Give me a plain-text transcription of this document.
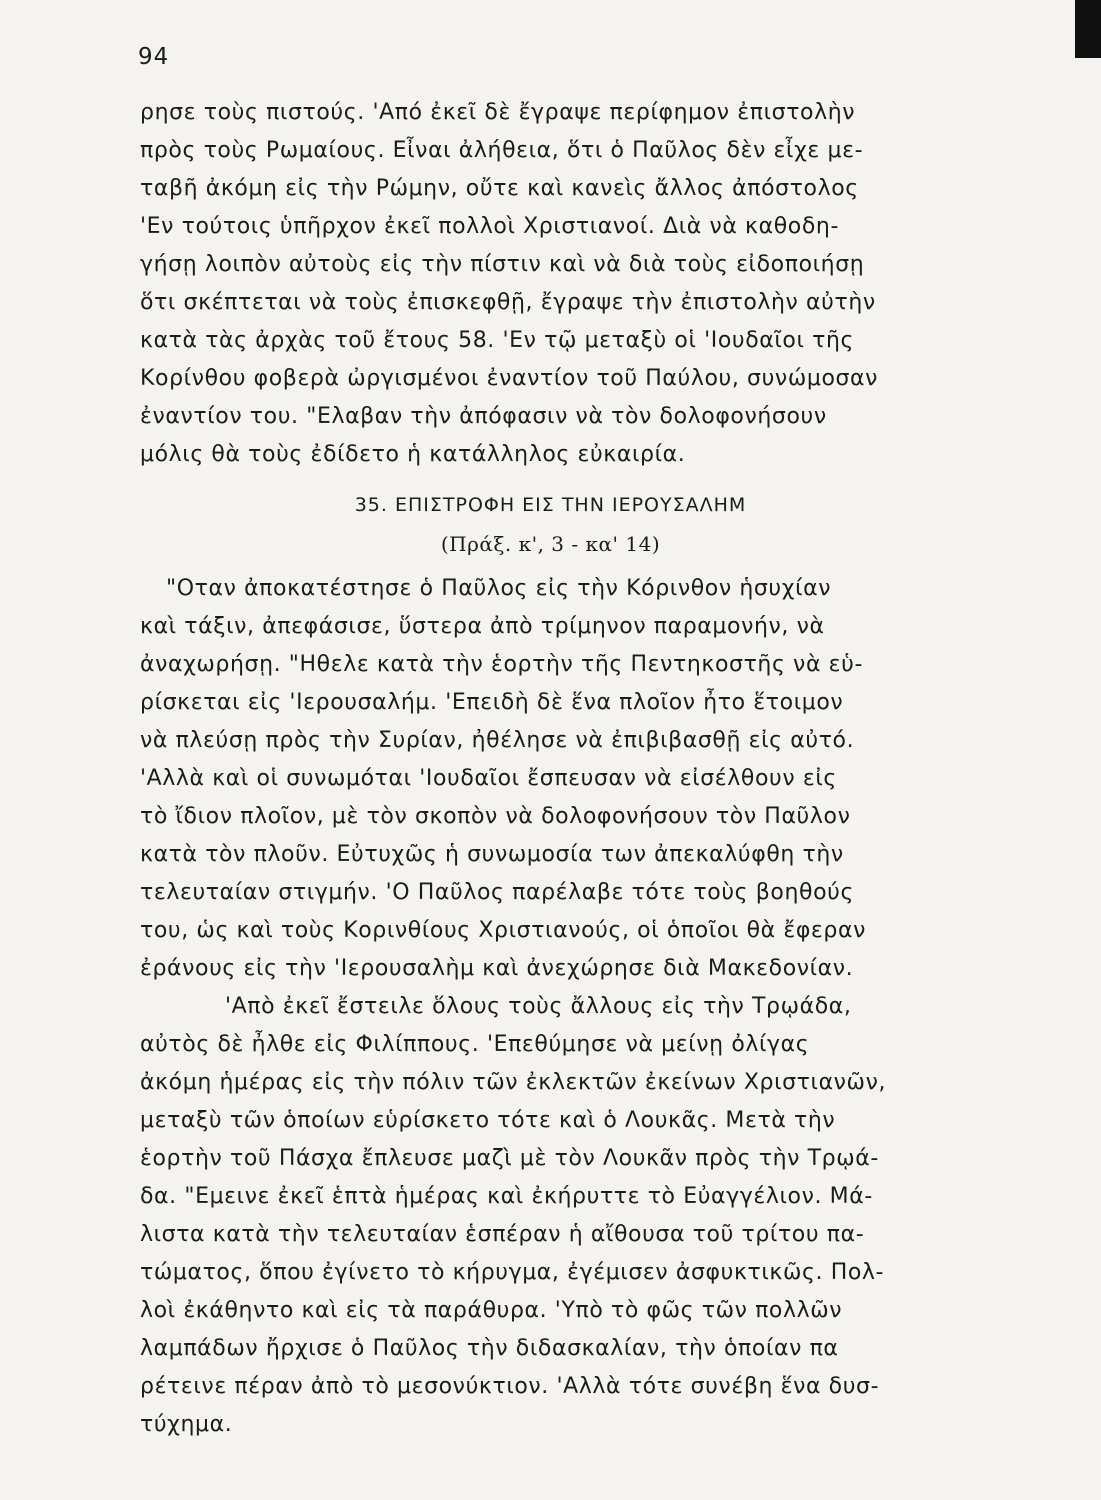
94
ρησε τοὺς πιστούς. 'Από ἐκεῖ δὲ ἔγραψε περίφημον ἐπιστολὴν
πρὸς τοὺς Ρωμαίους. Εἶναι ἀλήθεια, ὅτι ὁ Παῦλος δὲν εἶχε με-
ταβῆ ἀκόμη εἰς τὴν Ρώμην, οὔτε καὶ κανεὶς ἄλλος ἀπόστολος
'Εν τούτοις ὑπῆρχον ἐκεῖ πολλοὶ Χριστιανοί. Διὰ νὰ καθοδη-
γήσῃ λοιπὸν αὐτοὺς εἰς τὴν πίστιν καὶ νὰ διὰ τοὺς εἰδοποιήσῃ
ὅτι σκέπτεται νὰ τοὺς ἐπισκεφθῇ, ἔγραψε τὴν ἐπιστολὴν αὐτὴν
κατὰ τὰς ἀρχὰς τοῦ ἔτους 58. 'Εν τῷ μεταξὺ οἱ 'Ιουδαῖοι τῆς
Κορίνθου φοβερὰ ὠργισμένοι ἐναντίον τοῦ Παύλου, συνώμοσαν
ἐναντίον του. "Ελαβαν τὴν ἀπόφασιν νὰ τὸν δολοφονήσουν
μόλις θὰ τοὺς ἐδίδετο ἡ κατάλληλος εὐκαιρία.
35. ΕΠΙΣΤΡΟΦΗ ΕΙΣ ΤΗΝ ΙΕΡΟΥΣΑΛΗΜ
(Πράξ. κ', 3 - κα' 14)
"Οταν ἀποκατέστησε ὁ Παῦλος εἰς τὴν Κόρινθον ἡσυχίαν
καὶ τάξιν, ἀπεφάσισε, ὕστερα ἀπὸ τρίμηνον παραμονήν, νὰ
ἀναχωρήσῃ. "Ηθελε κατὰ τὴν ἑορτὴν τῆς Πεντηκοστῆς νὰ εὑ-
ρίσκεται εἰς 'Ιερουσαλήμ. 'Επειδὴ δὲ ἕνα πλοῖον ἦτο ἕτοιμον
νὰ πλεύσῃ πρὸς τὴν Συρίαν, ἠθέλησε νὰ ἐπιβιβασθῇ εἰς αὐτό.
'Αλλὰ καὶ οἱ συνωμόται 'Ιουδαῖοι ἔσπευσαν νὰ εἰσέλθουν εἰς
τὸ ἴδιον πλοῖον, μὲ τὸν σκοπὸν νὰ δολοφονήσουν τὸν Παῦλον
κατὰ τὸν πλοῦν. Εὐτυχῶς ἡ συνωμοσία των ἀπεκαλύφθη τὴν
τελευταίαν στιγμήν. 'Ο Παῦλος παρέλαβε τότε τοὺς βοηθούς
του, ὡς καὶ τοὺς Κορινθίους Χριστιανούς, οἱ ὁποῖοι θὰ ἔφεραν
ἐράνους εἰς τὴν 'Ιερουσαλὴμ καὶ ἀνεχώρησε διὰ Μακεδονίαν.
'Απὸ ἐκεῖ ἔστειλε ὅλους τοὺς ἄλλους εἰς τὴν Τρῳάδα,
αὐτὸς δὲ ἦλθε εἰς Φιλίππους. 'Επεθύμησε νὰ μείνῃ ὀλίγας
ἀκόμη ἡμέρας εἰς τὴν πόλιν τῶν ἐκλεκτῶν ἐκείνων Χριστιανῶν,
μεταξὺ τῶν ὁποίων εὑρίσκετο τότε καὶ ὁ Λουκᾶς. Μετὰ τὴν
ἑορτὴν τοῦ Πάσχα ἔπλευσε μαζὶ μὲ τὸν Λουκᾶν πρὸς τὴν Τρῳά-
δα. "Εμεινε ἐκεῖ ἑπτὰ ἡμέρας καὶ ἐκήρυττε τὸ Εὐαγγέλιον. Μά-
λιστα κατὰ τὴν τελευταίαν ἑσπέραν ἡ αἴθουσα τοῦ τρίτου πα-
τώματος, ὅπου ἐγίνετο τὸ κήρυγμα, ἐγέμισεν ἀσφυκτικῶς. Πολ-
λοὶ ἐκάθηντο καὶ εἰς τὰ παράθυρα. 'Υπὸ τὸ φῶς τῶν πολλῶν
λαμπάδων ἤρχισε ὁ Παῦλος τὴν διδασκαλίαν, τὴν ὁποίαν πα
ρέτεινε πέραν ἀπὸ τὸ μεσονύκτιον. 'Αλλὰ τότε συνέβη ἕνα δυσ-
τύχημα.
